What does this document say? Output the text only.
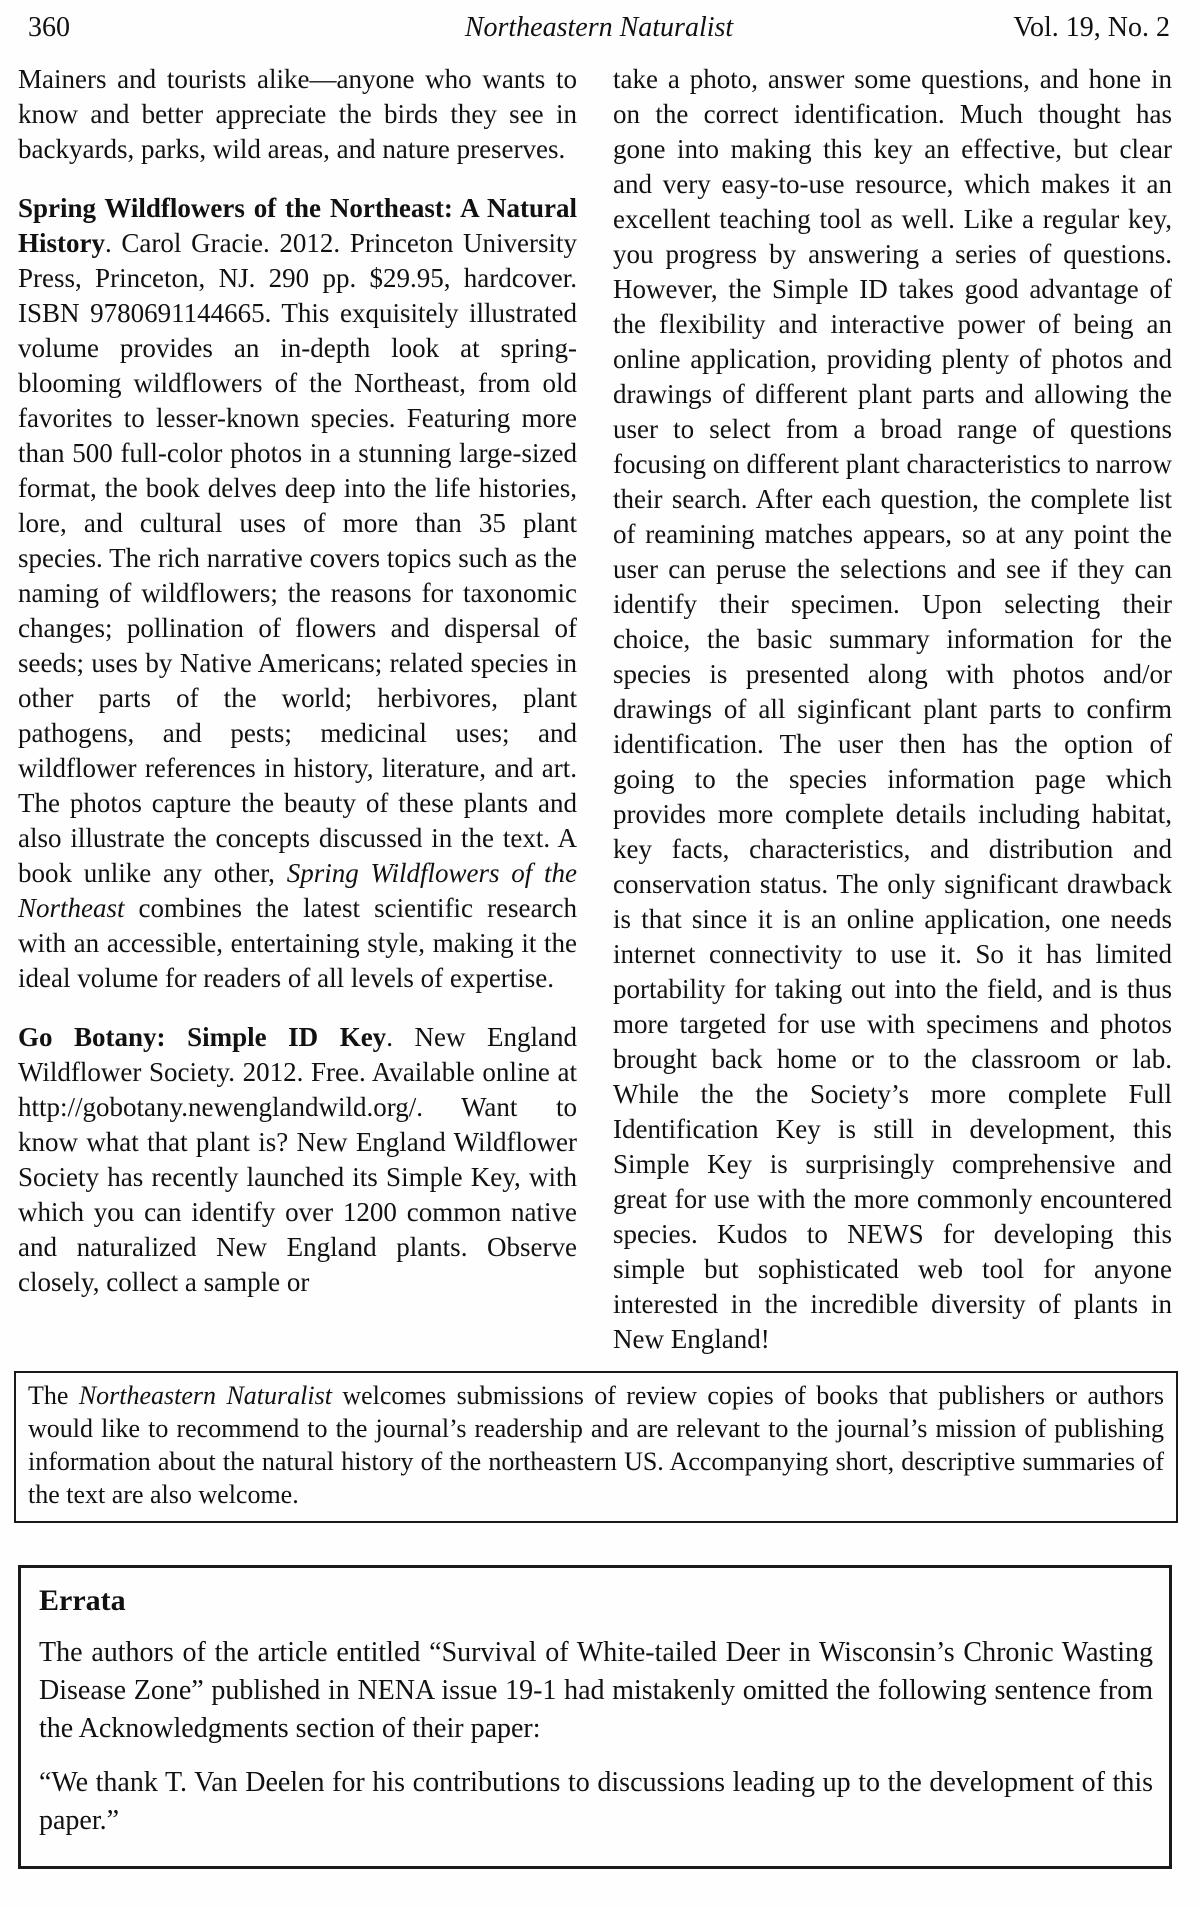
360	Northeastern Naturalist	Vol. 19, No. 2

Mainers and tourists alike—anyone who wants to know and better appreciate the birds they see in backyards, parks, wild areas, and nature preserves.

Spring Wildflowers of the Northeast: A Natural History. Carol Gracie. 2012. Princeton University Press, Princeton, NJ. 290 pp. $29.95, hardcover. ISBN 9780691144665. This exquisitely illustrated volume provides an in-depth look at spring-blooming wildflowers of the Northeast, from old favorites to lesser-known species. Featuring more than 500 full-color photos in a stunning large-sized format, the book delves deep into the life histories, lore, and cultural uses of more than 35 plant species. The rich narrative covers topics such as the naming of wildflowers; the reasons for taxonomic changes; pollination of flowers and dispersal of seeds; uses by Native Americans; related species in other parts of the world; herbivores, plant pathogens, and pests; medicinal uses; and wildflower references in history, literature, and art. The photos capture the beauty of these plants and also illustrate the concepts discussed in the text. A book unlike any other, Spring Wildflowers of the Northeast combines the latest scientific research with an accessible, entertaining style, making it the ideal volume for readers of all levels of expertise.

Go Botany: Simple ID Key. New England Wildflower Society. 2012. Free. Available online at http://gobotany.newenglandwild.org/. Want to know what that plant is? New England Wildflower Society has recently launched its Simple Key, with which you can identify over 1200 common native and naturalized New England plants. Observe closely, collect a sample or

take a photo, answer some questions, and hone in on the correct identification. Much thought has gone into making this key an effective, but clear and very easy-to-use resource, which makes it an excellent teaching tool as well. Like a regular key, you progress by answering a series of questions. However, the Simple ID takes good advantage of the flexibility and interactive power of being an online application, providing plenty of photos and drawings of different plant parts and allowing the user to select from a broad range of questions focusing on different plant characteristics to narrow their search. After each question, the complete list of reamining matches appears, so at any point the user can peruse the selections and see if they can identify their specimen. Upon selecting their choice, the basic summary information for the species is presented along with photos and/or drawings of all siginficant plant parts to confirm identification. The user then has the option of going to the species information page which provides more complete details including habitat, key facts, characteristics, and distribution and conservation status. The only significant drawback is that since it is an online application, one needs internet connectivity to use it. So it has limited portability for taking out into the field, and is thus more targeted for use with specimens and photos brought back home or to the classroom or lab. While the the Society’s more complete Full Identification Key is still in development, this Simple Key is surprisingly comprehensive and great for use with the more commonly encountered species. Kudos to NEWS for developing this simple but sophisticated web tool for anyone interested in the incredible diversity of plants in New England!

The Northeastern Naturalist welcomes submissions of review copies of books that publishers or authors would like to recommend to the journal’s readership and are relevant to the journal’s mission of publishing information about the natural history of the northeastern US. Accompanying short, descriptive summaries of the text are also welcome.

Errata

The authors of the article entitled “Survival of White-tailed Deer in Wisconsin’s Chronic Wasting Disease Zone” published in NENA issue 19-1 had mistakenly omitted the following sentence from the Acknowledgments section of their paper:

“We thank T. Van Deelen for his contributions to discussions leading up to the development of this paper.”
